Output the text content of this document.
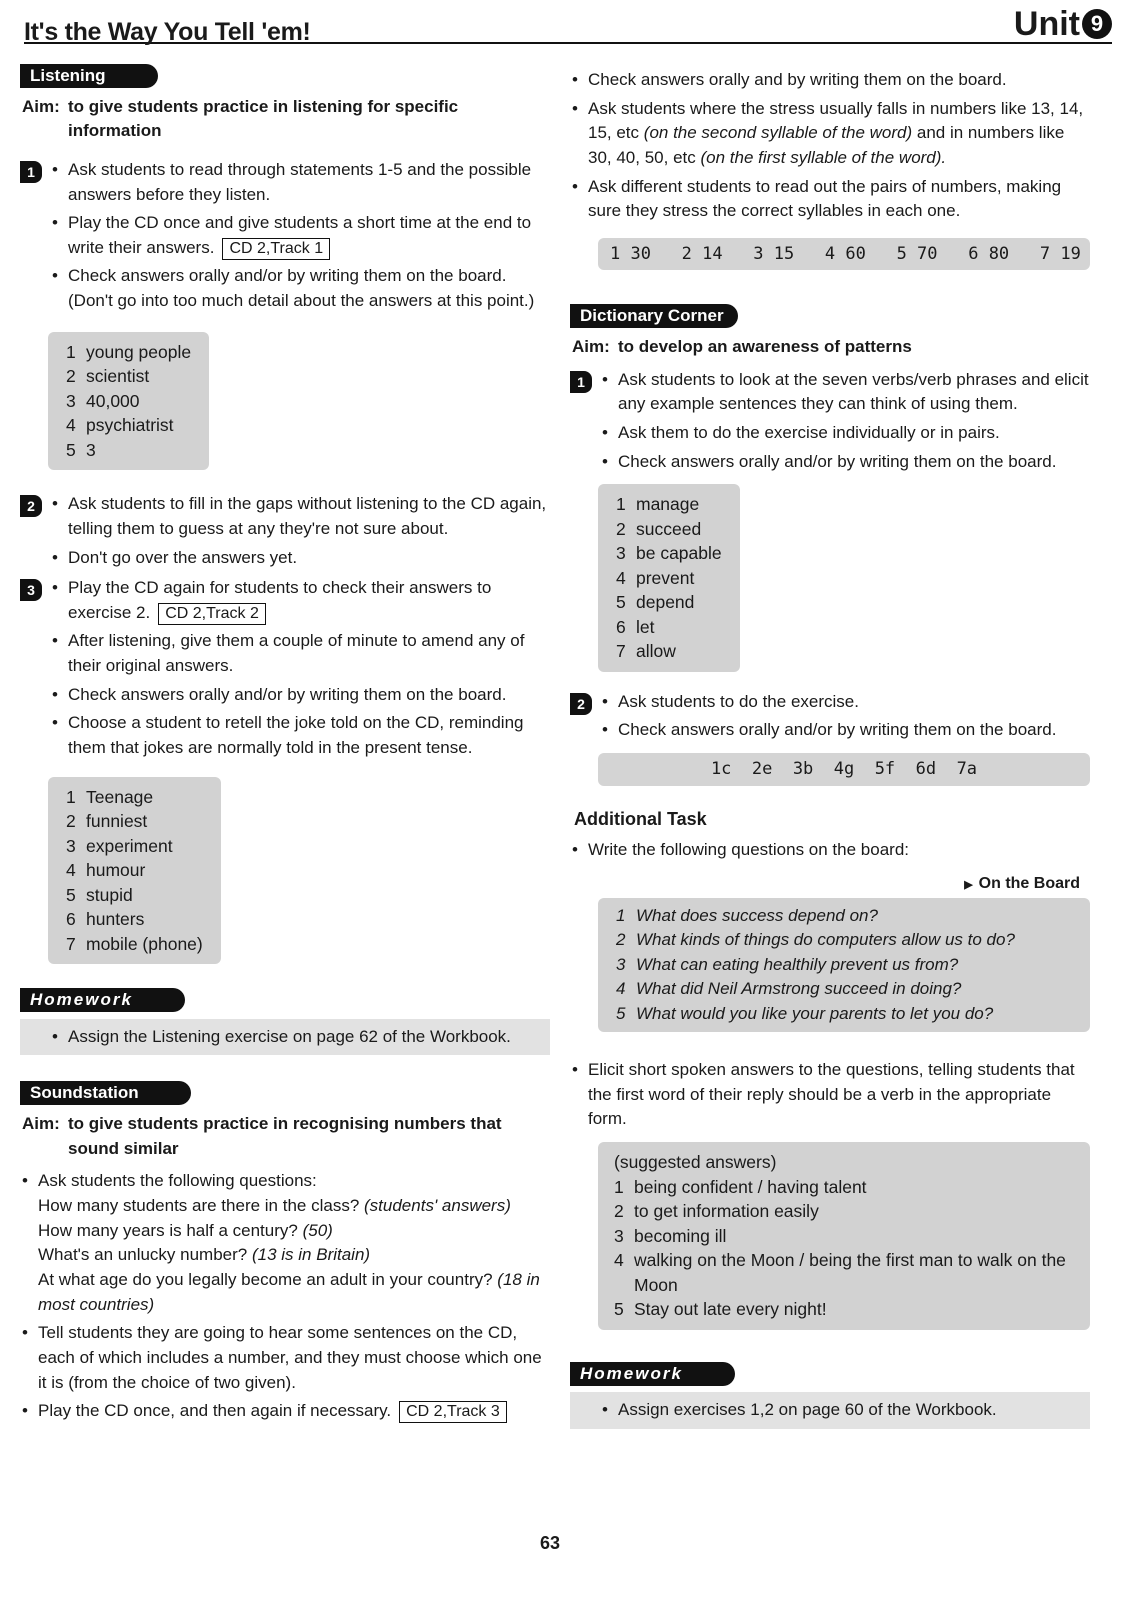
It's the Way You Tell 'em!	Unit 9
Listening
Aim: to give students practice in listening for specific information
1	• Ask students to read through statements 1-5 and the possible answers before they listen.
• Play the CD once and give students a short time at the end to write their answers. CD 2,Track 1
• Check answers orally and/or by writing them on the board. (Don't go into too much detail about the answers at this point.)
1 young people
2 scientist
3 40,000
4 psychiatrist
5 3
2	• Ask students to fill in the gaps without listening to the CD again, telling them to guess at any they're not sure about.
• Don't go over the answers yet.
3	• Play the CD again for students to check their answers to exercise 2. CD 2,Track 2
• After listening, give them a couple of minute to amend any of their original answers.
• Check answers orally and/or by writing them on the board.
• Choose a student to retell the joke told on the CD, reminding them that jokes are normally told in the present tense.
1 Teenage
2 funniest
3 experiment
4 humour
5 stupid
6 hunters
7 mobile (phone)
Homework
• Assign the Listening exercise on page 62 of the Workbook.
Soundstation
Aim: to give students practice in recognising numbers that sound similar
• Ask students the following questions:
How many students are there in the class? (students' answers)
How many years is half a century? (50)
What's an unlucky number? (13 is in Britain)
At what age do you legally become an adult in your country? (18 in most countries)
• Tell students they are going to hear some sentences on the CD, each of which includes a number, and they must choose which one it is (from the choice of two given).
• Play the CD once, and then again if necessary. CD 2,Track 3
• Check answers orally and by writing them on the board.
• Ask students where the stress usually falls in numbers like 13, 14, 15, etc (on the second syllable of the word) and in numbers like 30, 40, 50, etc (on the first syllable of the word).
• Ask different students to read out the pairs of numbers, making sure they stress the correct syllables in each one.
1 30   2 14   3 15   4 60   5 70   6 80   7 19
Dictionary Corner
Aim: to develop an awareness of patterns
1	• Ask students to look at the seven verbs/verb phrases and elicit any example sentences they can think of using them.
• Ask them to do the exercise individually or in pairs.
• Check answers orally and/or by writing them on the board.
1 manage
2 succeed
3 be capable
4 prevent
5 depend
6 let
7 allow
2	• Ask students to do the exercise.
• Check answers orally and/or by writing them on the board.
1c  2e  3b  4g  5f  6d  7a
Additional Task
• Write the following questions on the board:
▶ On the Board
1 What does success depend on?
2 What kinds of things do computers allow us to do?
3 What can eating healthily prevent us from?
4 What did Neil Armstrong succeed in doing?
5 What would you like your parents to let you do?
• Elicit short spoken answers to the questions, telling students that the first word of their reply should be a verb in the appropriate form.
(suggested answers)
1 being confident / having talent
2 to get information easily
3 becoming ill
4 walking on the Moon / being the first man to walk on the Moon
5 Stay out late every night!
Homework
• Assign exercises 1,2 on page 60 of the Workbook.
63
